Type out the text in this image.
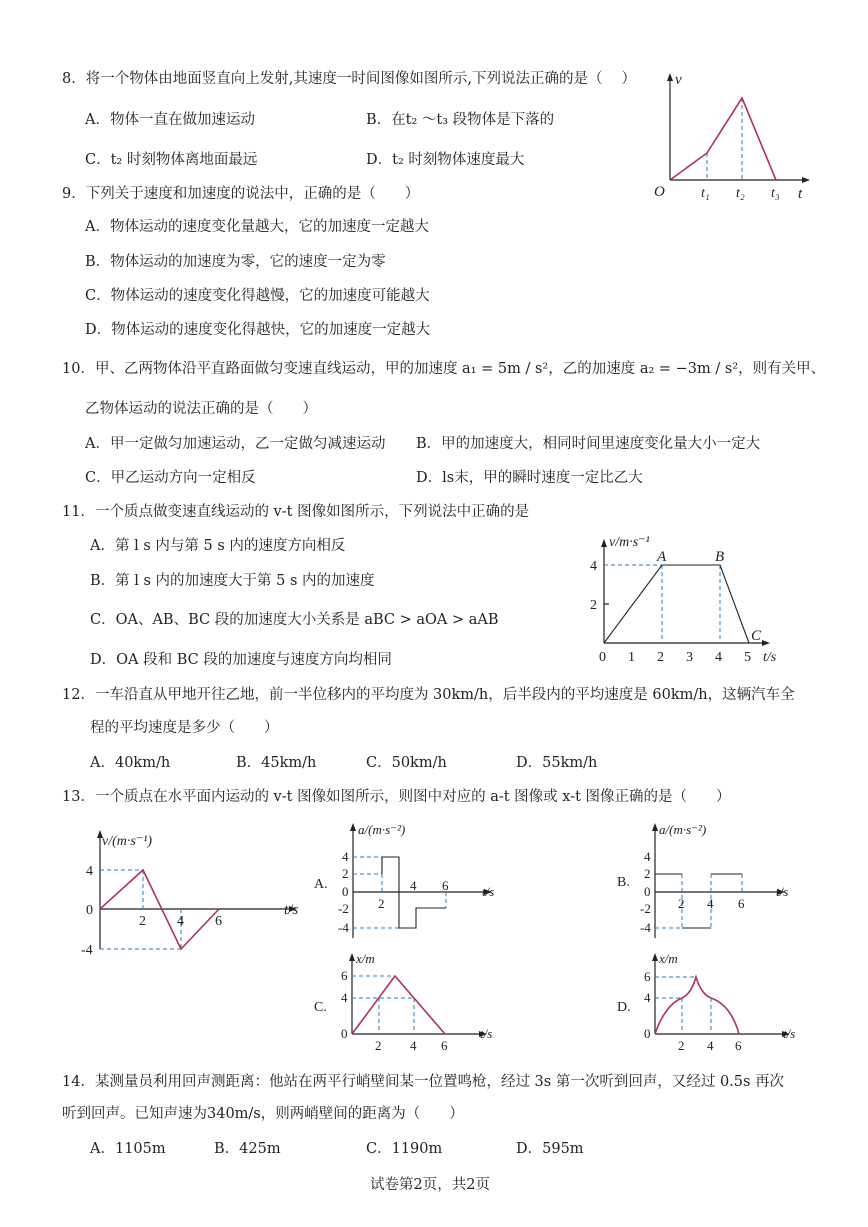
8．将一个物体由地面竖直向上发射,其速度一时间图像如图所示,下列说法正确的是（　 ）
A．物体一直在做加速运动	B．在t₂ ～t₃ 段物体是下落的
C．t₂ 时刻物体离地面最远	D．t₂ 时刻物体速度最大
v
t
O	t₁ t₂ t₃
9．下列关于速度和加速度的说法中，正确的是（　　）
A．物体运动的速度变化量越大，它的加速度一定越大
B．物体运动的加速度为零，它的速度一定为零
C．物体运动的速度变化得越慢，它的加速度可能越大
D．物体运动的速度变化得越快，它的加速度一定越大
10．甲、乙两物体沿平直路面做匀变速直线运动，甲的加速度 a₁ = 5m / s²，乙的加速度 a₂ = −3m / s²，则有关甲、
乙物体运动的说法正确的是（　　）
A．甲一定做匀加速运动，乙一定做匀减速运动 B．甲的加速度大，相同时间里速度变化量大小一定大
C．甲乙运动方向一定相反	D．ls末，甲的瞬时速度一定比乙大
11．一个质点做变速直线运动的 v-t 图像如图所示，下列说法中正确的是
A．第 l s 内与第 5 s 内的速度方向相反
B．第 l s 内的加速度大于第 5 s 内的加速度
C．OA、AB、BC 段的加速度大小关系是 aBC > aOA > aAB
D．OA 段和 BC 段的加速度与速度方向均相同
v/m·s⁻¹
t/s
A	B
C
4
2
0 1 2 3 4 5
12．一车沿直从甲地开往乙地，前一半位移内的平均度为 30km/h，后半段内的平均速度是 60km/h，这辆汽车全
程的平均速度是多少（　　）
A．40km/h	B．45km/h	C．50km/h	D．55km/h
13．一个质点在水平面内运动的 v-t 图像如图所示，则图中对应的 a-t 图像或 x-t 图像正确的是（　　）
v/(m·s⁻¹)
t/s
4
0
-4
2 4 6
A.
a/(m·s⁻²)
t/s
4
2
0
-2
-4
2
4 6	B.
a/(m·s⁻²)
t/s
4
2
0
-2
-4
2 4 6
C.
x/m
t/s
6
4
0
2 4 6
D.
x/m
t/s
6
4
0
2 4 6
14．某测量员利用回声测距离：他站在两平行峭壁间某一位置鸣枪，经过 3s 第一次听到回声，又经过 0.5s 再次
听到回声。已知声速为340m/s，则两峭壁间的距离为（　　）
A．1105m	B．425m	C．1190m	D．595m
试卷第2页，共2页
